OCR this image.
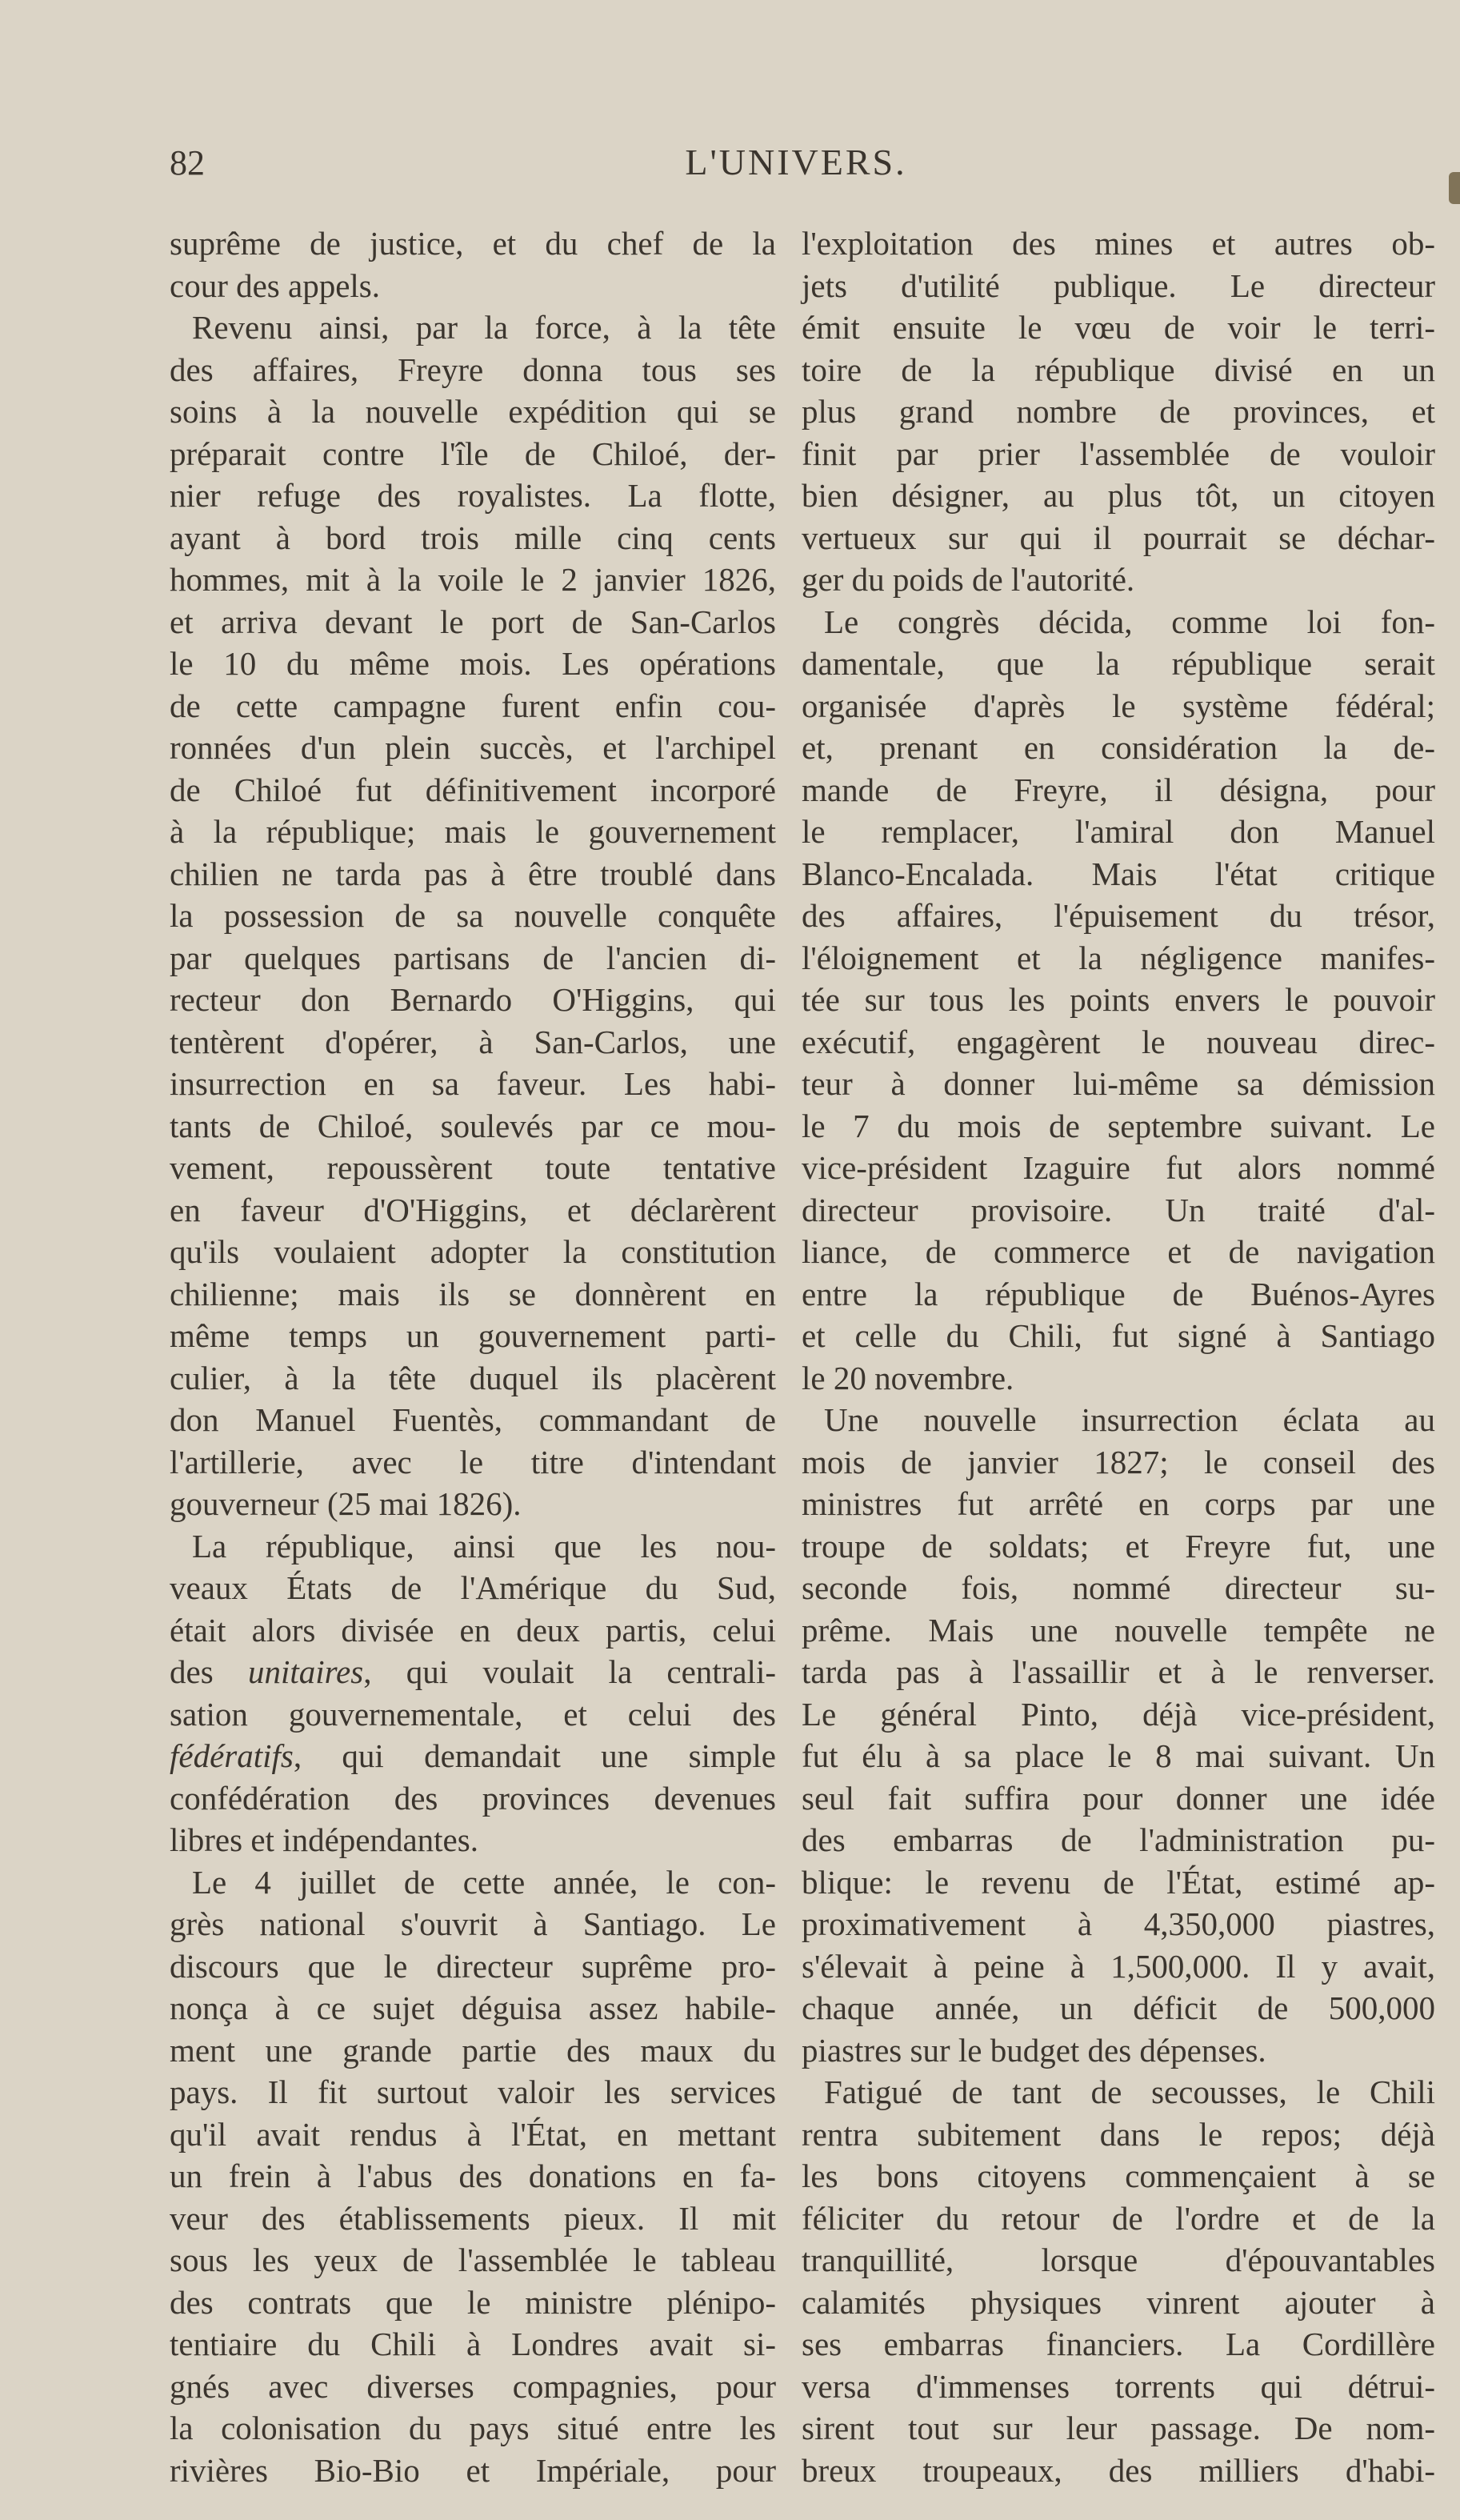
82	L'UNIVERS.
suprême de justice, et du chef de la
cour des appels.
Revenu ainsi, par la force, à la tête
des affaires, Freyre donna tous ses
soins à la nouvelle expédition qui se
préparait contre l'île de Chiloé, der-
nier refuge des royalistes. La flotte,
ayant à bord trois mille cinq cents
hommes, mit à la voile le 2 janvier 1826,
et arriva devant le port de San-Carlos
le 10 du même mois. Les opérations
de cette campagne furent enfin cou-
ronnées d'un plein succès, et l'archipel
de Chiloé fut définitivement incorporé
à la république; mais le gouvernement
chilien ne tarda pas à être troublé dans
la possession de sa nouvelle conquête
par quelques partisans de l'ancien di-
recteur don Bernardo O'Higgins, qui
tentèrent d'opérer, à San-Carlos, une
insurrection en sa faveur. Les habi-
tants de Chiloé, soulevés par ce mou-
vement, repoussèrent toute tentative
en faveur d'O'Higgins, et déclarèrent
qu'ils voulaient adopter la constitution
chilienne; mais ils se donnèrent en
même temps un gouvernement parti-
culier, à la tête duquel ils placèrent
don Manuel Fuentès, commandant de
l'artillerie, avec le titre d'intendant
gouverneur (25 mai 1826).
La république, ainsi que les nou-
veaux États de l'Amérique du Sud,
était alors divisée en deux partis, celui
des unitaires, qui voulait la centrali-
sation gouvernementale, et celui des
fédératifs, qui demandait une simple
confédération des provinces devenues
libres et indépendantes.
Le 4 juillet de cette année, le con-
grès national s'ouvrit à Santiago. Le
discours que le directeur suprême pro-
nonça à ce sujet déguisa assez habile-
ment une grande partie des maux du
pays. Il fit surtout valoir les services
qu'il avait rendus à l'État, en mettant
un frein à l'abus des donations en fa-
veur des établissements pieux. Il mit
sous les yeux de l'assemblée le tableau
des contrats que le ministre plénipo-
tentiaire du Chili à Londres avait si-
gnés avec diverses compagnies, pour
la colonisation du pays situé entre les
rivières Bio-Bio et Impériale, pour
l'exploitation des mines et autres ob-
jets d'utilité publique. Le directeur
émit ensuite le vœu de voir le terri-
toire de la république divisé en un
plus grand nombre de provinces, et
finit par prier l'assemblée de vouloir
bien désigner, au plus tôt, un citoyen
vertueux sur qui il pourrait se déchar-
ger du poids de l'autorité.
Le congrès décida, comme loi fon-
damentale, que la république serait
organisée d'après le système fédéral;
et, prenant en considération la de-
mande de Freyre, il désigna, pour
le remplacer, l'amiral don Manuel
Blanco-Encalada. Mais l'état critique
des affaires, l'épuisement du trésor,
l'éloignement et la négligence manifes-
tée sur tous les points envers le pouvoir
exécutif, engagèrent le nouveau direc-
teur à donner lui-même sa démission
le 7 du mois de septembre suivant. Le
vice-président Izaguire fut alors nommé
directeur provisoire. Un traité d'al-
liance, de commerce et de navigation
entre la république de Buénos-Ayres
et celle du Chili, fut signé à Santiago
le 20 novembre.
Une nouvelle insurrection éclata au
mois de janvier 1827; le conseil des
ministres fut arrêté en corps par une
troupe de soldats; et Freyre fut, une
seconde fois, nommé directeur su-
prême. Mais une nouvelle tempête ne
tarda pas à l'assaillir et à le renverser.
Le général Pinto, déjà vice-président,
fut élu à sa place le 8 mai suivant. Un
seul fait suffira pour donner une idée
des embarras de l'administration pu-
blique: le revenu de l'État, estimé ap-
proximativement à 4,350,000 piastres,
s'élevait à peine à 1,500,000. Il y avait,
chaque année, un déficit de 500,000
piastres sur le budget des dépenses.
Fatigué de tant de secousses, le Chili
rentra subitement dans le repos; déjà
les bons citoyens commençaient à se
féliciter du retour de l'ordre et de la
tranquillité, lorsque d'épouvantables
calamités physiques vinrent ajouter à
ses embarras financiers. La Cordillère
versa d'immenses torrents qui détrui-
sirent tout sur leur passage. De nom-
breux troupeaux, des milliers d'habi-
